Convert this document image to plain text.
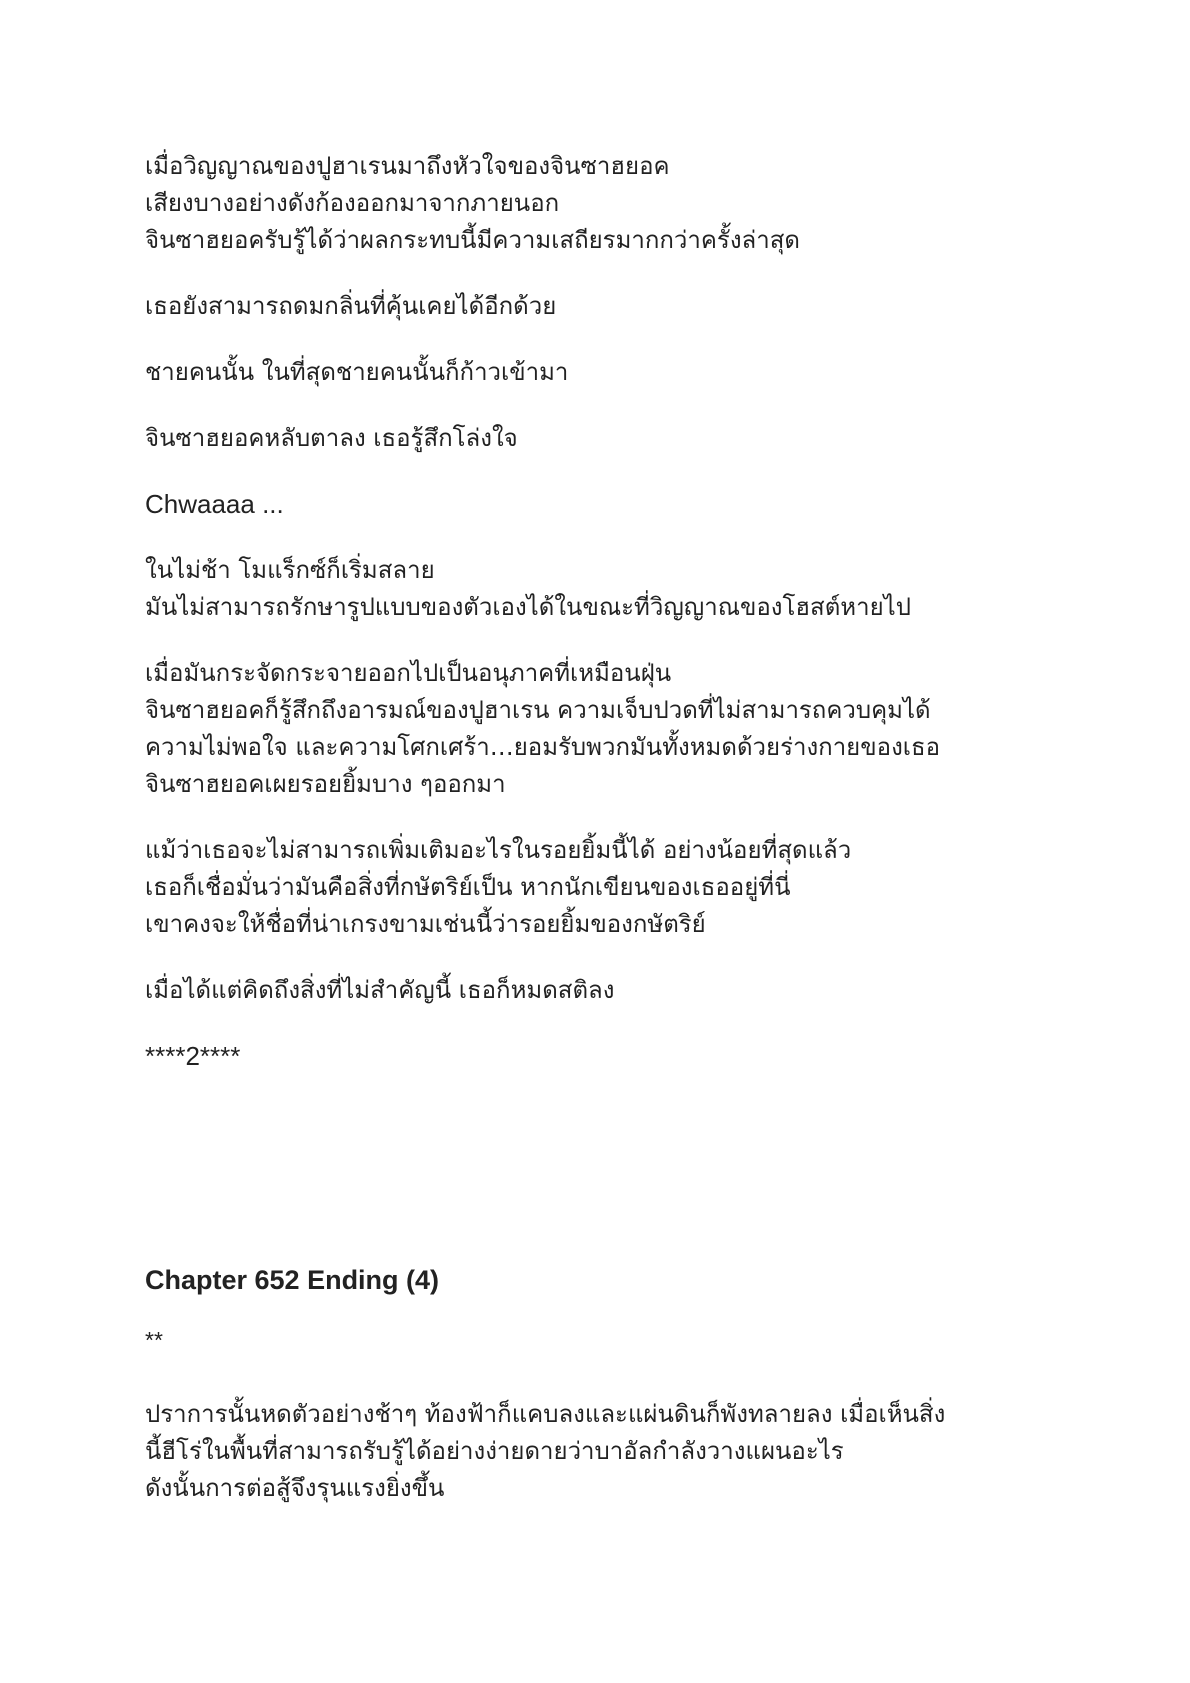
เมื่อวิญญาณของปูฮาเรนมาถึงหัวใจของจินซาฮยอค
เสียงบางอย่างดังก้องออกมาจากภายนอก
จินซาฮยอครับรู้ได้ว่าผลกระทบนี้มีความเสถียรมากกว่าครั้งล่าสุด
เธอยังสามารถดมกลิ่นที่คุ้นเคยได้อีกด้วย
ชายคนนั้น ในที่สุดชายคนนั้นก็ก้าวเข้ามา
จินซาฮยอคหลับตาลง เธอรู้สึกโล่งใจ
Chwaaaa ...
ในไม่ช้า โมแร็กซ์ก็เริ่มสลาย
มันไม่สามารถรักษารูปแบบของตัวเองได้ในขณะที่วิญญาณของโฮสต์หายไป
เมื่อมันกระจัดกระจายออกไปเป็นอนุภาคที่เหมือนฝุ่น
จินซาฮยอคก็รู้สึกถึงอารมณ์ของปูฮาเรน ความเจ็บปวดที่ไม่สามารถควบคุมได้
ความไม่พอใจ และความโศกเศร้า…ยอมรับพวกมันทั้งหมดด้วยร่างกายของเธอ
จินซาฮยอคเผยรอยยิ้มบาง ๆออกมา
แม้ว่าเธอจะไม่สามารถเพิ่มเติมอะไรในรอยยิ้มนี้ได้ อย่างน้อยที่สุดแล้ว
เธอก็เชื่อมั่นว่ามันคือสิ่งที่กษัตริย์เป็น หากนักเขียนของเธออยู่ที่นี่
เขาคงจะให้ชื่อที่น่าเกรงขามเช่นนี้ว่ารอยยิ้มของกษัตริย์
เมื่อได้แต่คิดถึงสิ่งที่ไม่สำคัญนี้ เธอก็หมดสติลง
****2****
Chapter 652 Ending (4)
**
ปราการนั้นหดตัวอย่างช้าๆ ท้องฟ้าก็แคบลงและแผ่นดินก็พังทลายลง เมื่อเห็นสิ่ง
นี้ฮีโร่ในพื้นที่สามารถรับรู้ได้อย่างง่ายดายว่าบาอัลกำลังวางแผนอะไร
ดังนั้นการต่อสู้จึงรุนแรงยิ่งขึ้น
